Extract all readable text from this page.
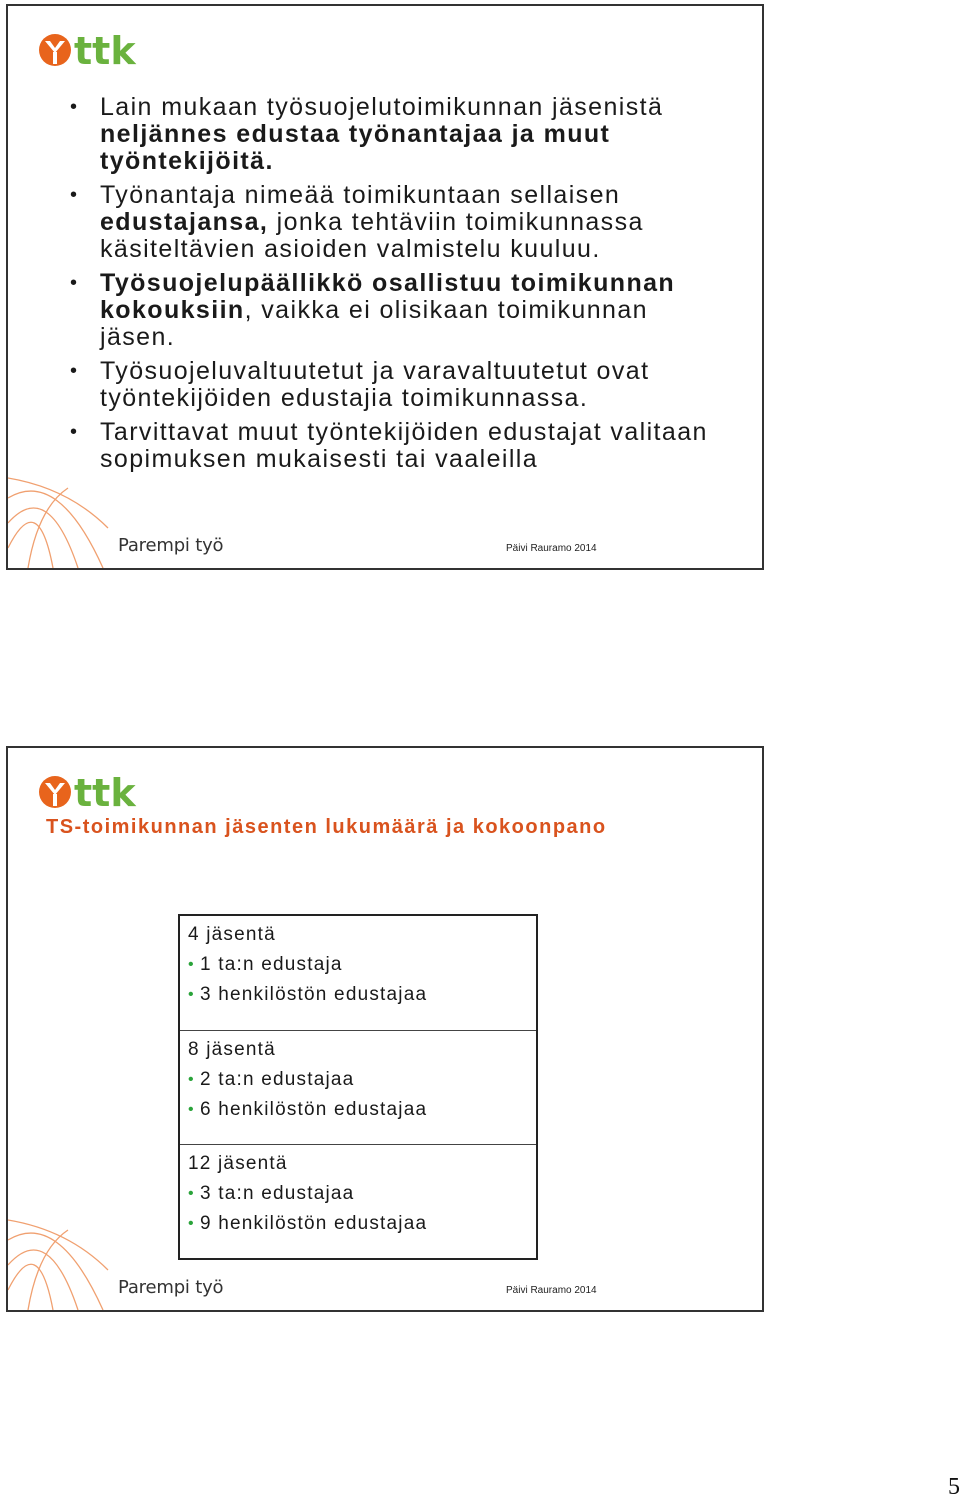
ttk
• Lain mukaan työsuojelutoimikunnan jäsenistä neljännes edustaa työnantajaa ja muut työntekijöitä.
• Työnantaja nimeää toimikuntaan sellaisen edustajansa, jonka tehtäviin toimikunnassa käsiteltävien asioiden valmistelu kuuluu.
• Työsuojelupäällikkö osallistuu toimikunnan kokouksiin, vaikka ei olisikaan toimikunnan jäsen.
• Työsuojeluvaltuutetut ja varavaltuutetut ovat työntekijöiden edustajia toimikunnassa.
• Tarvittavat muut työntekijöiden edustajat valitaan sopimuksen mukaisesti tai vaaleilla
Parempi työ	Päivi Rauramo 2014
ttk
TS-toimikunnan jäsenten lukumäärä ja kokoonpano
4 jäsentä
• 1 ta:n edustaja
• 3 henkilöstön edustajaa
8 jäsentä
• 2 ta:n edustajaa
• 6 henkilöstön edustajaa
12 jäsentä
• 3 ta:n edustajaa
• 9 henkilöstön edustajaa
Parempi työ	Päivi Rauramo 2014
5
